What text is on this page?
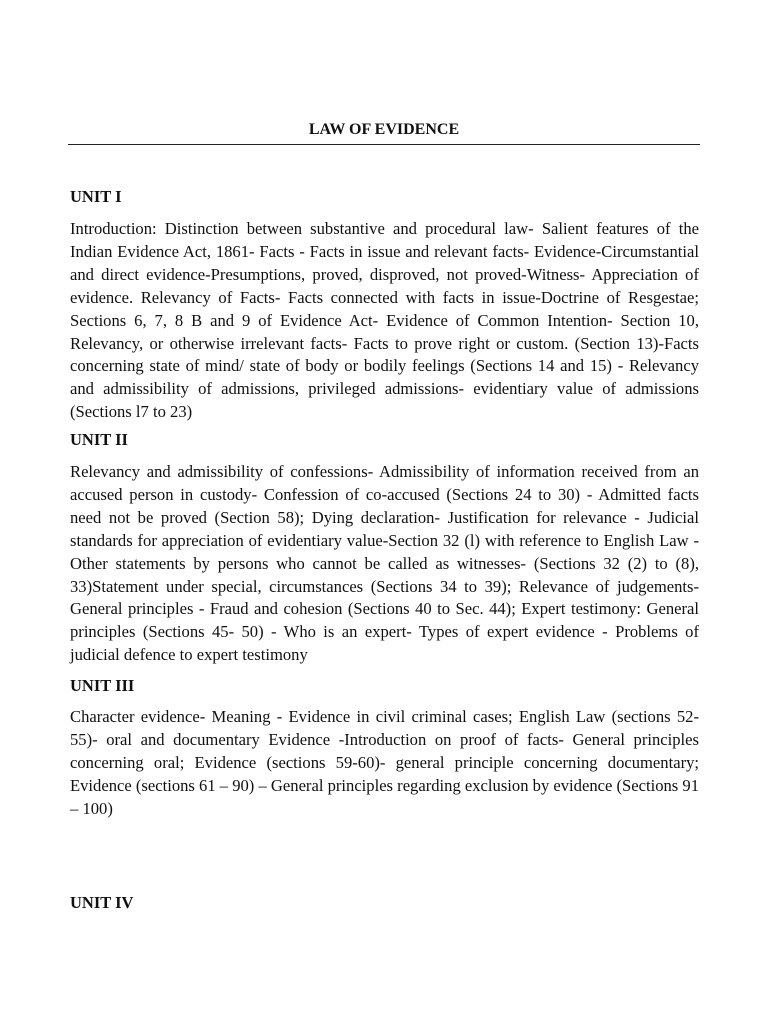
LAW OF EVIDENCE
UNIT I
Introduction: Distinction between substantive and procedural law- Salient features of the Indian Evidence Act, 1861- Facts - Facts in issue and relevant facts- Evidence-Circumstantial and direct evidence-Presumptions, proved, disproved, not proved-Witness- Appreciation of evidence. Relevancy of Facts- Facts connected with facts in issue-Doctrine of Resgestae; Sections 6, 7, 8 B and 9 of Evidence Act- Evidence of Common Intention- Section 10, Relevancy, or otherwise irrelevant facts- Facts to prove right or custom. (Section 13)-Facts concerning state of mind/ state of body or bodily feelings (Sections 14 and 15) - Relevancy and admissibility of admissions, privileged admissions- evidentiary value of admissions (Sections l7 to 23)
UNIT II
Relevancy and admissibility of confessions- Admissibility of information received from an accused person in custody- Confession of co-accused (Sections 24 to 30) - Admitted facts need not be proved (Section 58); Dying declaration- Justification for relevance - Judicial standards for appreciation of evidentiary value-Section 32 (l) with reference to English Law -Other statements by persons who cannot be called as witnesses- (Sections 32 (2) to (8), 33)Statement under special, circumstances (Sections 34 to 39); Relevance of judgements- General principles - Fraud and cohesion (Sections 40 to Sec. 44); Expert testimony: General principles (Sections 45- 50) - Who is an expert- Types of expert evidence - Problems of judicial defence to expert testimony
UNIT III
Character evidence- Meaning - Evidence in civil criminal cases; English Law (sections 52-55)- oral and documentary Evidence -Introduction on proof of facts- General principles concerning oral; Evidence (sections 59-60)- general principle concerning documentary; Evidence (sections 61 – 90) – General principles regarding exclusion by evidence (Sections 91 – 100)
UNIT IV
